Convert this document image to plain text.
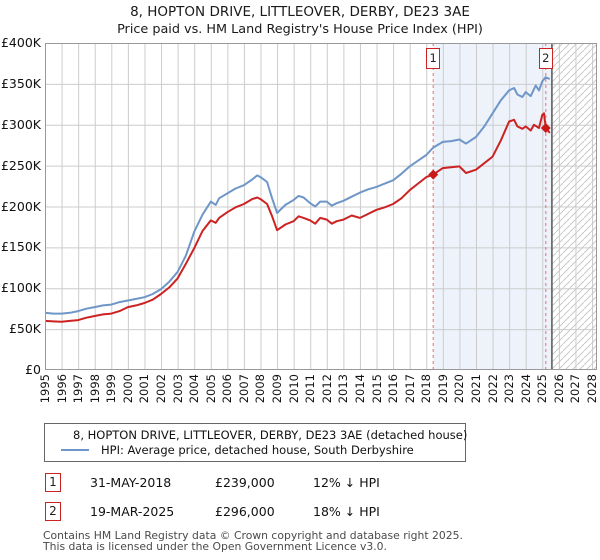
8, HOPTON DRIVE, LITTLEOVER, DERBY, DE23 3AE
Price paid vs. HM Land Registry's House Price Index (HPI)
1	2
£0
£50K
£100K
£150K
£200K
£250K
£300K
£350K
£400K
1995 1996 1997 1998 1999 2000 2001 2002 2003 2004 2005 2006 2007 2008 2009 2010 2011 2012 2013 2014 2015 2016 2017 2018 2019 2020 2021 2022 2023 2024 2025 2026 2027 2028
8, HOPTON DRIVE, LITTLEOVER, DERBY, DE23 3AE (detached house)
HPI: Average price, detached house, South Derbyshire
1	31-MAY-2018	£239,000	12% ↓ HPI
2	19-MAR-2025	£296,000	18% ↓ HPI
Contains HM Land Registry data © Crown copyright and database right 2025.
This data is licensed under the Open Government Licence v3.0.
